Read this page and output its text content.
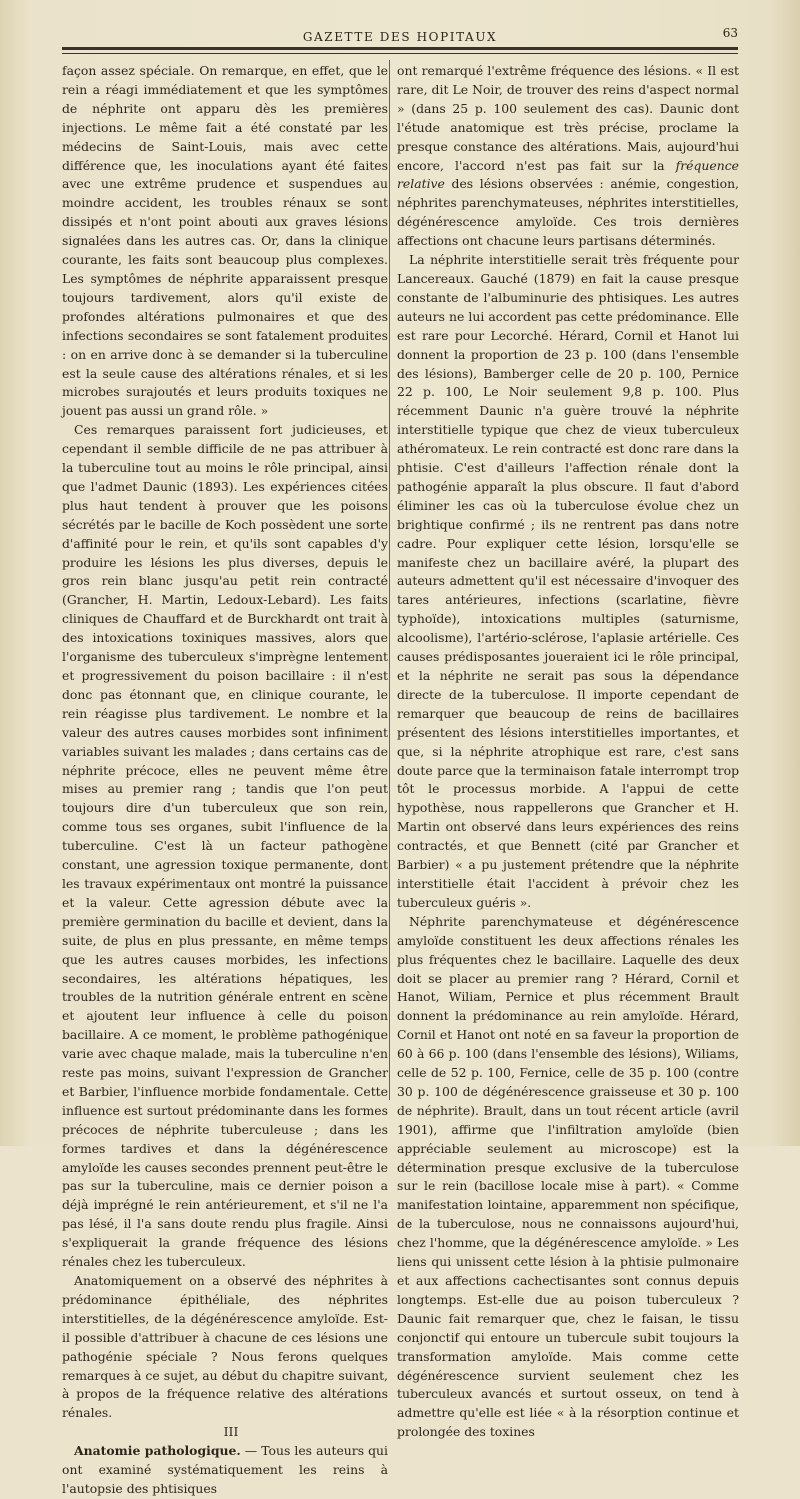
GAZETTE DES HOPITAUX	63

façon assez spéciale. On remarque, en effet, que le rein a réagi immédiatement et que les symptômes de néphrite ont apparu dès les premières injections. Le même fait a été constaté par les médecins de Saint-Louis, mais avec cette différence que, les inoculations ayant été faites avec une extrême prudence et suspendues au moindre accident, les troubles rénaux se sont dissipés et n'ont point abouti aux graves lésions signalées dans les autres cas. Or, dans la clinique courante, les faits sont beaucoup plus complexes. Les symptômes de néphrite apparaissent presque toujours tardivement, alors qu'il existe de profondes altérations pulmonaires et que des infections secondaires se sont fatalement produites : on en arrive donc à se demander si la tuberculine est la seule cause des altérations rénales, et si les microbes surajoutés et leurs produits toxiques ne jouent pas aussi un grand rôle. »

Ces remarques paraissent fort judicieuses, et cependant il semble difficile de ne pas attribuer à la tuberculine tout au moins le rôle principal, ainsi que l'admet Daunic (1893). Les expériences citées plus haut tendent à prouver que les poisons sécrétés par le bacille de Koch possèdent une sorte d'affinité pour le rein, et qu'ils sont capables d'y produire les lésions les plus diverses, depuis le gros rein blanc jusqu'au petit rein contracté (Grancher, H. Martin, Ledoux-Lebard). Les faits cliniques de Chauffard et de Burckhardt ont trait à des intoxications toxiniques massives, alors que l'organisme des tuberculeux s'imprègne lentement et progressivement du poison bacillaire : il n'est donc pas étonnant que, en clinique courante, le rein réagisse plus tardivement. Le nombre et la valeur des autres causes morbides sont infiniment variables suivant les malades ; dans certains cas de néphrite précoce, elles ne peuvent même être mises au premier rang ; tandis que l'on peut toujours dire d'un tuberculeux que son rein, comme tous ses organes, subit l'influence de la tuberculine. C'est là un facteur pathogène constant, une agression toxique permanente, dont les travaux expérimentaux ont montré la puissance et la valeur. Cette agression débute avec la première germination du bacille et devient, dans la suite, de plus en plus pressante, en même temps que les autres causes morbides, les infections secondaires, les altérations hépatiques, les troubles de la nutrition générale entrent en scène et ajoutent leur influence à celle du poison bacillaire. A ce moment, le problème pathogénique varie avec chaque malade, mais la tuberculine n'en reste pas moins, suivant l'expression de Grancher et Barbier, l'influence morbide fondamentale. Cette influence est surtout prédominante dans les formes précoces de néphrite tuberculeuse ; dans les formes tardives et dans la dégénérescence amyloïde les causes secondes prennent peut-être le pas sur la tuberculine, mais ce dernier poison a déjà imprégné le rein antérieurement, et s'il ne l'a pas lésé, il l'a sans doute rendu plus fragile. Ainsi s'expliquerait la grande fréquence des lésions rénales chez les tuberculeux.

Anatomiquement on a observé des néphrites à prédominance épithéliale, des néphrites interstitielles, de la dégénérescence amyloïde. Est-il possible d'attribuer à chacune de ces lésions une pathogénie spéciale ? Nous ferons quelques remarques à ce sujet, au début du chapitre suivant, à propos de la fréquence relative des altérations rénales.

III

Anatomie pathologique. — Tous les auteurs qui ont examiné systématiquement les reins à l'autopsie des phtisiques

ont remarqué l'extrême fréquence des lésions. « Il est rare, dit Le Noir, de trouver des reins d'aspect normal » (dans 25 p. 100 seulement des cas). Daunic dont l'étude anatomique est très précise, proclame la presque constance des altérations. Mais, aujourd'hui encore, l'accord n'est pas fait sur la fréquence relative des lésions observées : anémie, congestion, néphrites parenchymateuses, néphrites interstitielles, dégénérescence amyloïde. Ces trois dernières affections ont chacune leurs partisans déterminés.

La néphrite interstitielle serait très fréquente pour Lancereaux. Gauché (1879) en fait la cause presque constante de l'albuminurie des phtisiques. Les autres auteurs ne lui accordent pas cette prédominance. Elle est rare pour Lecorché. Hérard, Cornil et Hanot lui donnent la proportion de 23 p. 100 (dans l'ensemble des lésions), Bamberger celle de 20 p. 100, Pernice 22 p. 100, Le Noir seulement 9,8 p. 100. Plus récemment Daunic n'a guère trouvé la néphrite interstitielle typique que chez de vieux tuberculeux athéromateux. Le rein contracté est donc rare dans la phtisie. C'est d'ailleurs l'affection rénale dont la pathogénie apparaît la plus obscure. Il faut d'abord éliminer les cas où la tuberculose évolue chez un brightique confirmé ; ils ne rentrent pas dans notre cadre. Pour expliquer cette lésion, lorsqu'elle se manifeste chez un bacillaire avéré, la plupart des auteurs admettent qu'il est nécessaire d'invoquer des tares antérieures, infections (scarlatine, fièvre typhoïde), intoxications multiples (saturnisme, alcoolisme), l'artério-sclérose, l'aplasie artérielle. Ces causes prédisposantes joueraient ici le rôle principal, et la néphrite ne serait pas sous la dépendance directe de la tuberculose. Il importe cependant de remarquer que beaucoup de reins de bacillaires présentent des lésions interstitielles importantes, et que, si la néphrite atrophique est rare, c'est sans doute parce que la terminaison fatale interrompt trop tôt le processus morbide. A l'appui de cette hypothèse, nous rappellerons que Grancher et H. Martin ont observé dans leurs expériences des reins contractés, et que Bennett (cité par Grancher et Barbier) « a pu justement prétendre que la néphrite interstitielle était l'accident à prévoir chez les tuberculeux guéris ».

Néphrite parenchymateuse et dégénérescence amyloïde constituent les deux affections rénales les plus fréquentes chez le bacillaire. Laquelle des deux doit se placer au premier rang ? Hérard, Cornil et Hanot, Wiliam, Pernice et plus récemment Brault donnent la prédominance au rein amyloïde. Hérard, Cornil et Hanot ont noté en sa faveur la proportion de 60 à 66 p. 100 (dans l'ensemble des lésions), Wiliams, celle de 52 p. 100, Fernice, celle de 35 p. 100 (contre 30 p. 100 de dégénérescence graisseuse et 30 p. 100 de néphrite). Brault, dans un tout récent article (avril 1901), affirme que l'infiltration amyloïde (bien appréciable seulement au microscope) est la détermination presque exclusive de la tuberculose sur le rein (bacillose locale mise à part). « Comme manifestation lointaine, apparemment non spécifique, de la tuberculose, nous ne connaissons aujourd'hui, chez l'homme, que la dégénérescence amyloïde. » Les liens qui unissent cette lésion à la phtisie pulmonaire et aux affections cachectisantes sont connus depuis longtemps. Est-elle due au poison tuberculeux ? Daunic fait remarquer que, chez le faisan, le tissu conjonctif qui entoure un tubercule subit toujours la transformation amyloïde. Mais comme cette dégénérescence survient seulement chez les tuberculeux avancés et surtout osseux, on tend à admettre qu'elle est liée « à la résorption continue et prolongée des toxines
